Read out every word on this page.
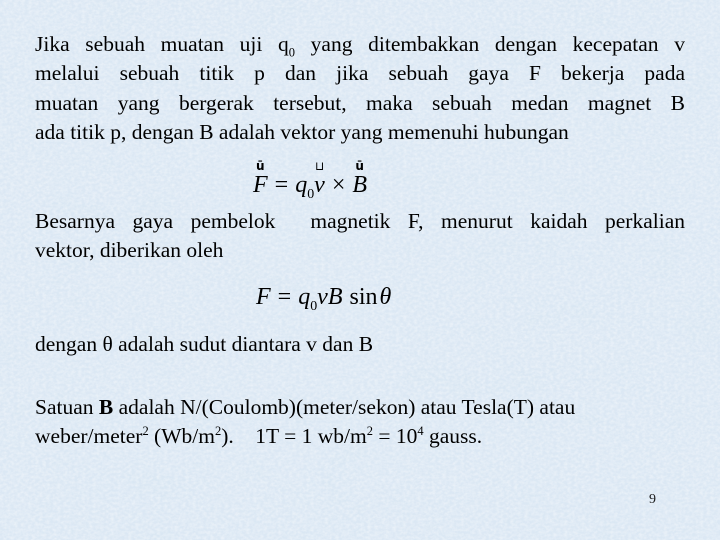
Jika sebuah muatan uji $q_0$ yang ditembakkan dengan kecepatan v
melalui sebuah titik p dan jika sebuah gaya F bekerja pada
muatan yang bergerak tersebut, maka sebuah medan magnet B
ada titik p, dengan B adalah vektor yang memenuhi hubungan
ū
$F = q_0$
⊔
v ×
ū
B
Besarnya gaya pembelok  magnetik F, menurut kaidah perkalian
vektor, diberikan oleh
$F = q_0vB$ sinθ
dengan θ adalah sudut diantara v dan B
Satuan B adalah N/(Coulomb)(meter/sekon) atau Tesla(T) atau
weber/meter$^2$ $(Wb/m^2)$.    1T = 1 $wb/m^2 = 10^4$ gauss.
9
